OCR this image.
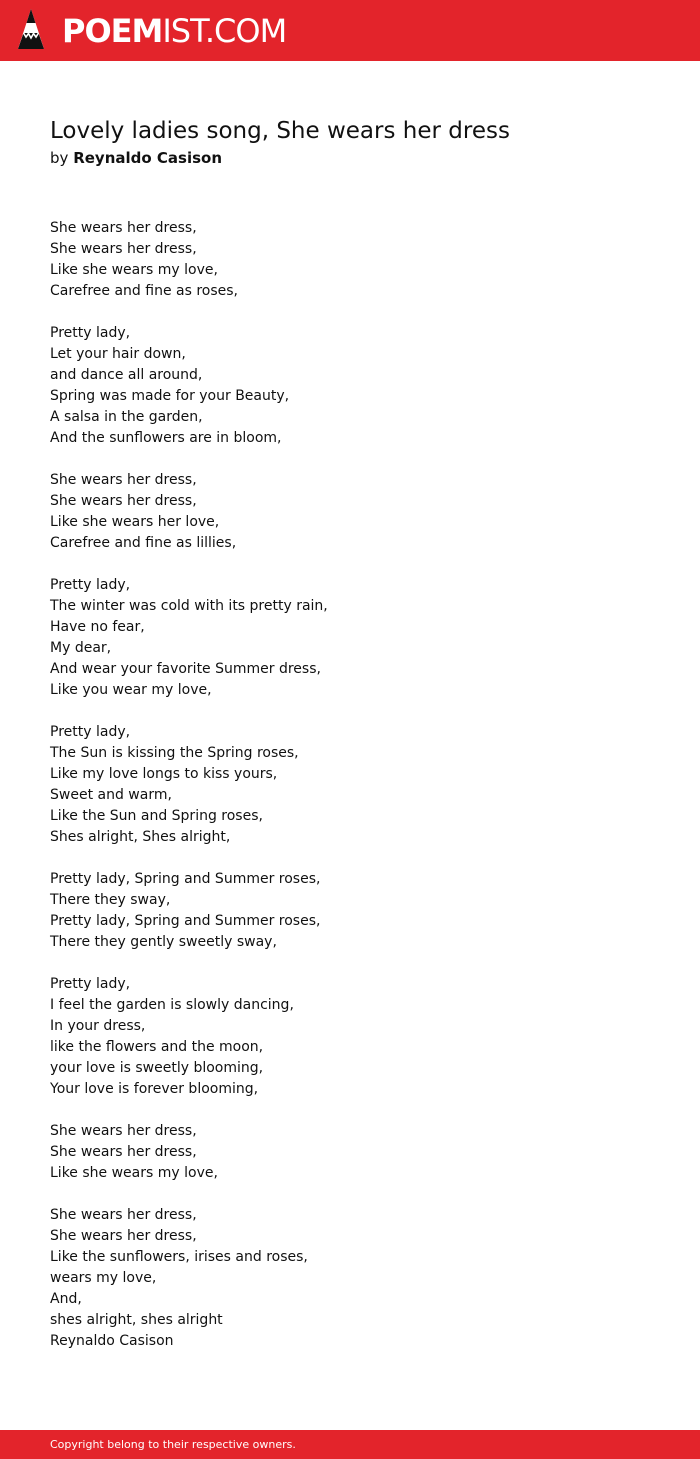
POEMIST.COM
Lovely ladies song, She wears her dress
by Reynaldo Casison
She wears her dress,
She wears her dress,
Like she wears my love,
Carefree and fine as roses,
Pretty lady,
Let your hair down,
and dance all around,
Spring was made for your Beauty,
A salsa in the garden,
And the sunflowers are in bloom,
She wears her dress,
She wears her dress,
Like she wears her love,
Carefree and fine as lillies,
Pretty lady,
The winter was cold with its pretty rain,
Have no fear,
My dear,
And wear your favorite Summer dress,
Like you wear my love,
Pretty lady,
The Sun is kissing the Spring roses,
Like my love longs to kiss yours,
Sweet and warm,
Like the Sun and Spring roses,
Shes alright, Shes alright,
Pretty lady, Spring and Summer roses,
There they sway,
Pretty lady, Spring and Summer roses,
There they gently sweetly sway,
Pretty lady,
I feel the garden is slowly dancing,
In your dress,
like the flowers and the moon,
your love is sweetly blooming,
Your love is forever blooming,
She wears her dress,
She wears her dress,
Like she wears my love,
She wears her dress,
She wears her dress,
Like the sunflowers, irises and roses,
wears my love,
And,
shes alright, shes alright
Reynaldo Casison
Copyright belong to their respective owners.
